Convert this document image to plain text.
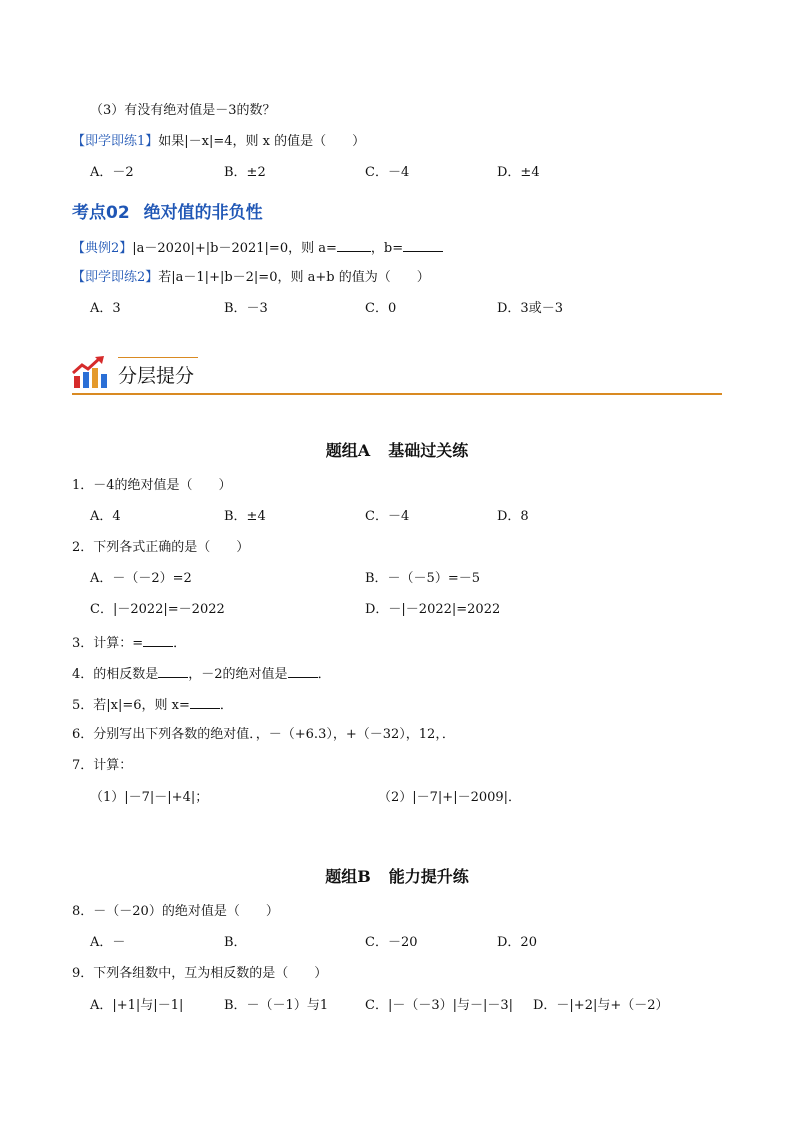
（3）有没有绝对值是－3的数？
【即学即练1】如果|－x|=4，则 x 的值是（　　）
A．－2	B．±2	C．－4	D．±4
考点02 绝对值的非负性
【典例2】|a－2020|+|b－2021|=0，则 a=	，b=
【即学即练2】若|a－1|+|b－2|=0，则 a+b 的值为（　　）
A．3	B．－3	C．0	D．3或－3
分层提分
题组A 基础过关练
1．－4的绝对值是（　　）
A．4	B．±4	C．－4	D．8
2．下列各式正确的是（　　）
A．－（－2）=2	B．－（－5）=－5
C．|－2022|=－2022	D．－|－2022|=2022
3．计算：= ．
4．的相反数是 ，－2的绝对值是 ．
5．若|x|=6，则 x= ．
6．分别写出下列各数的绝对值．，－（+6.3），+（－32），12，．
7．计算：
（1）|－7|－|+4|；	（2）|－7|+|－2009|．
题组B 能力提升练
8．－（－20）的绝对值是（　　）
A．－	B．	C．－20	D．20
9．下列各组数中，互为相反数的是（　　）
A．|+1|与|－1|	B．－（－1）与1	C．|－（－3）|与－|－3| D．－|+2|与+（－2）
